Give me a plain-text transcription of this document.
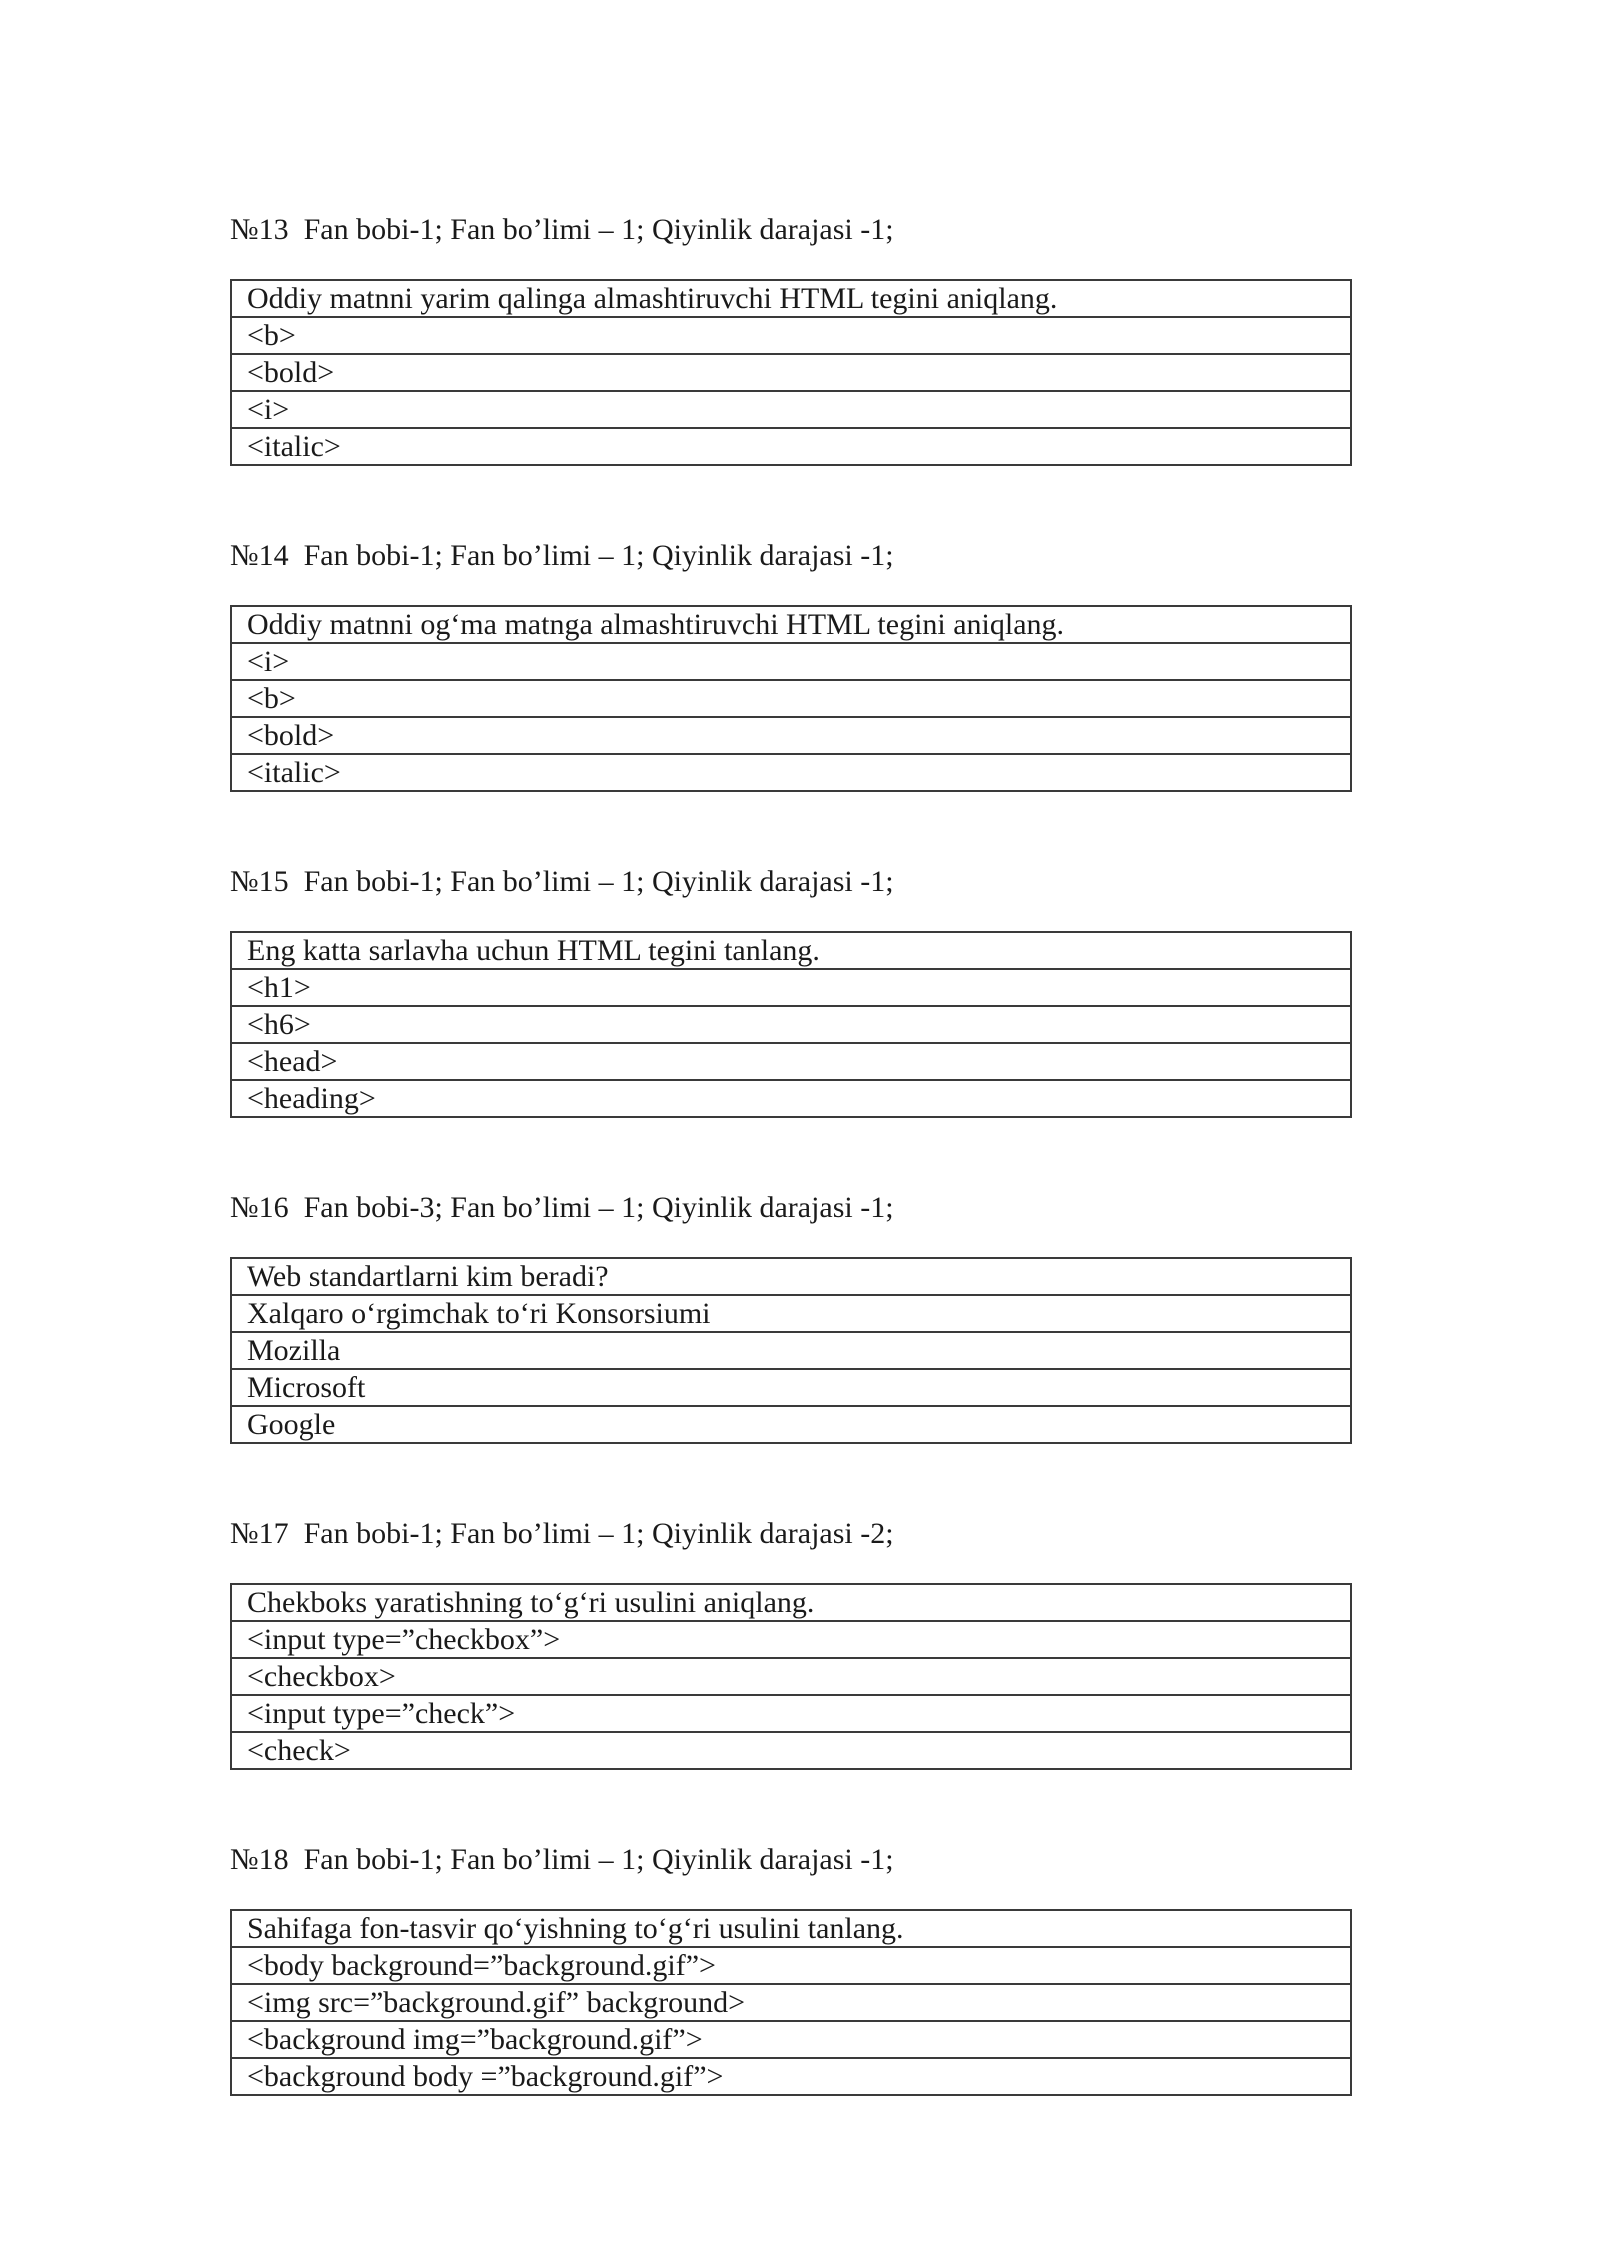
№13  Fan bobi-1; Fan bo’limi – 1; Qiyinlik darajasi -1;
Oddiy matnni yarim qalinga almashtiruvchi HTML tegini aniqlang.
<b>
<bold>
<i>
<italic>
№14  Fan bobi-1; Fan bo’limi – 1; Qiyinlik darajasi -1;
Oddiy matnni og‘ma matnga almashtiruvchi HTML tegini aniqlang.
<i>
<b>
<bold>
<italic>
№15  Fan bobi-1; Fan bo’limi – 1; Qiyinlik darajasi -1;
Eng katta sarlavha uchun HTML tegini tanlang.
<h1>
<h6>
<head>
<heading>
№16  Fan bobi-3; Fan bo’limi – 1; Qiyinlik darajasi -1;
Web standartlarni kim beradi?
Xalqaro o‘rgimchak to‘ri Konsorsiumi
Mozilla
Microsoft
Google
№17  Fan bobi-1; Fan bo’limi – 1; Qiyinlik darajasi -2;
Chekboks yaratishning to‘g‘ri usulini aniqlang.
<input type=”checkbox”>
<checkbox>
<input type=”check”>
<check>
№18  Fan bobi-1; Fan bo’limi – 1; Qiyinlik darajasi -1;
Sahifaga fon-tasvir qo‘yishning to‘g‘ri usulini tanlang.
<body background=”background.gif”>
<img src=”background.gif” background>
<background img=”background.gif”>
<background body =”background.gif”>
